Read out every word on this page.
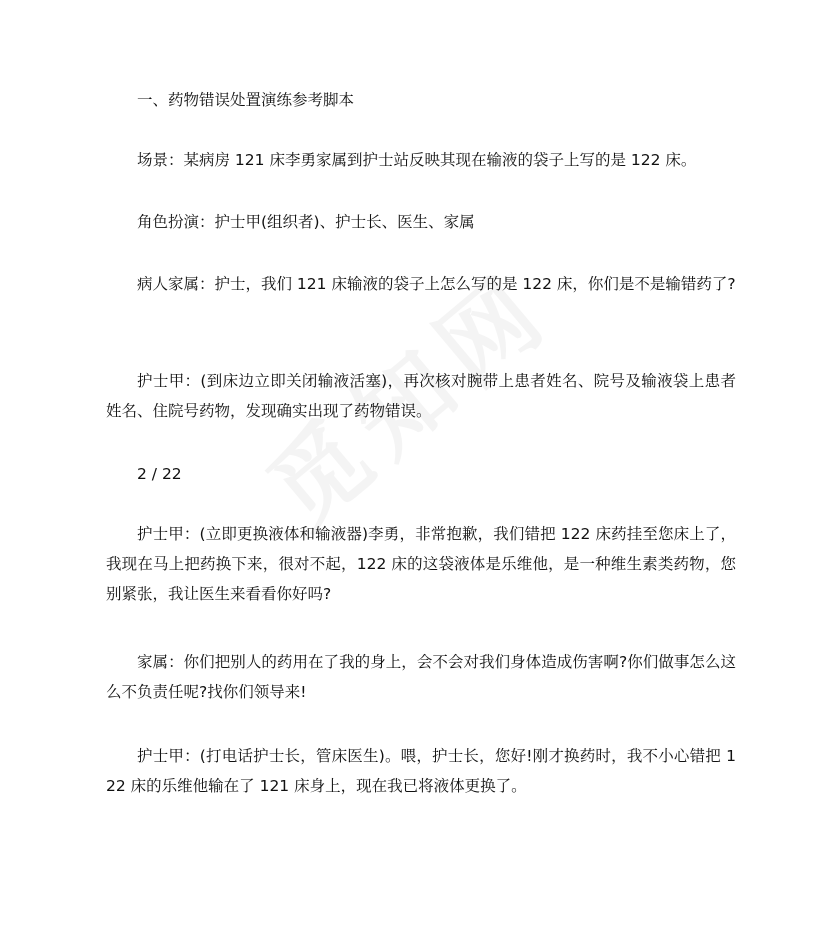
一、药物错误处置演练参考脚本

场景：某病房 121 床李勇家属到护士站反映其现在输液的袋子上写的是 122 床。

角色扮演：护士甲(组织者)、护士长、医生、家属

病人家属：护士，我们 121 床输液的袋子上怎么写的是 122 床，你们是不是输错药了?

护士甲：(到床边立即关闭输液活塞)，再次核对腕带上患者姓名、院号及输液袋上患者姓名、住院号药物，发现确实出现了药物错误。

2 / 22

护士甲：(立即更换液体和输液器)李勇，非常抱歉，我们错把 122 床药挂至您床上了，我现在马上把药换下来，很对不起，122 床的这袋液体是乐维他，是一种维生素类药物，您别紧张，我让医生来看看你好吗?

家属：你们把别人的药用在了我的身上，会不会对我们身体造成伤害啊?你们做事怎么这么不负责任呢?找你们领导来!

护士甲：(打电话护士长，管床医生)。喂，护士长，您好!刚才换药时，我不小心错把 122 床的乐维他输在了 121 床身上，现在我已将液体更换了。
